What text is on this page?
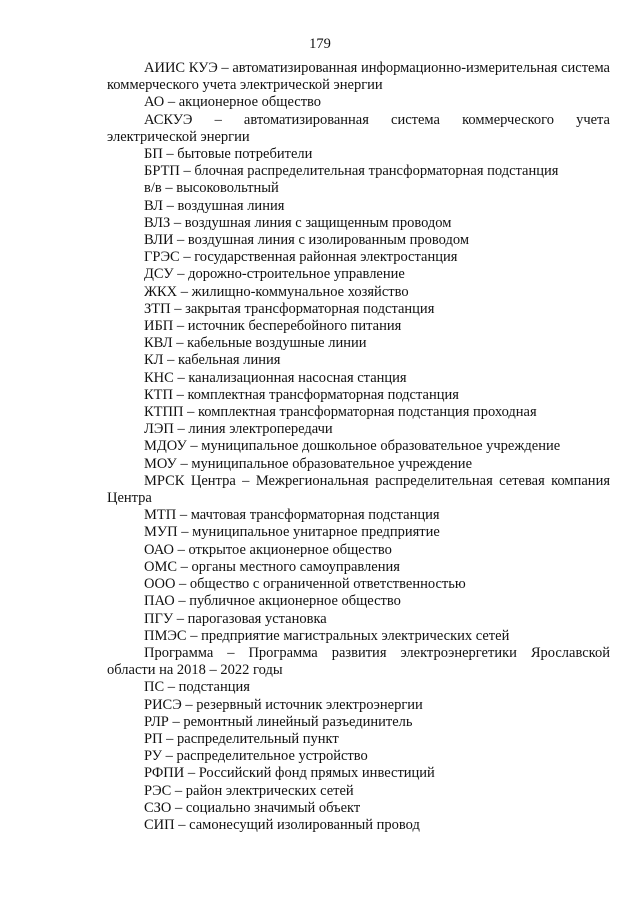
179

АИИС КУЭ – автоматизированная информационно-измерительная система коммерческого учета электрической энергии

АО – акционерное общество

АСКУЭ – автоматизированная система коммерческого учета электрической энергии

БП – бытовые потребители

БРТП – блочная распределительная трансформаторная подстанция

в/в – высоковольтный

ВЛ – воздушная линия

ВЛЗ – воздушная линия с защищенным проводом

ВЛИ – воздушная линия с изолированным проводом

ГРЭС – государственная районная электростанция

ДСУ – дорожно-строительное управление

ЖКХ – жилищно-коммунальное хозяйство

ЗТП – закрытая трансформаторная подстанция

ИБП – источник бесперебойного питания

КВЛ – кабельные воздушные линии

КЛ – кабельная линия

КНС – канализационная насосная станция

КТП – комплектная трансформаторная подстанция

КТПП – комплектная трансформаторная подстанция проходная

ЛЭП – линия электропередачи

МДОУ – муниципальное дошкольное образовательное учреждение

МОУ – муниципальное образовательное учреждение

МРСК Центра – Межрегиональная распределительная сетевая компания Центра

МТП – мачтовая трансформаторная подстанция

МУП – муниципальное унитарное предприятие

ОАО – открытое акционерное общество

ОМС – органы местного самоуправления

ООО – общество с ограниченной ответственностью

ПАО – публичное акционерное общество

ПГУ – парогазовая установка

ПМЭС – предприятие магистральных электрических сетей

Программа – Программа развития электроэнергетики Ярославской области на 2018 – 2022 годы

ПС – подстанция

РИСЭ – резервный источник электроэнергии

РЛР – ремонтный линейный разъединитель

РП – распределительный пункт

РУ – распределительное устройство

РФПИ – Российский фонд прямых инвестиций

РЭС – район электрических сетей

СЗО – социально значимый объект

СИП – самонесущий изолированный провод
